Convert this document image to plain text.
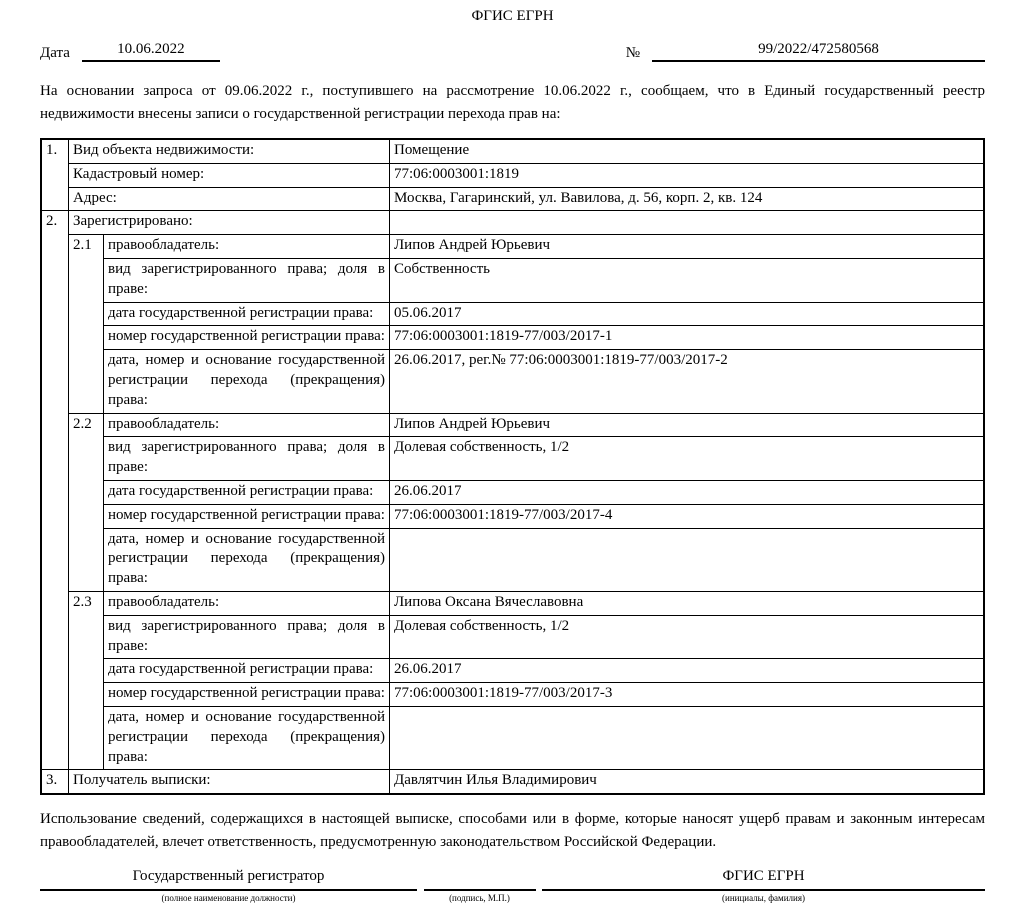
ФГИС ЕГРН
Дата	10.06.2022	№	99/2022/472580568
На основании запроса от 09.06.2022 г., поступившего на рассмотрение 10.06.2022 г., сообщаем, что в Единый государственный реестр недвижимости внесены записи о государственной регистрации перехода прав на:
1.	Вид объекта недвижимости:		Помещение
	Кадастровый номер:		77:06:0003001:1819
	Адрес:		Москва, Гагаринский, ул. Вавилова, д. 56, корп. 2, кв. 124
2.	Зарегистрировано:		
	2.1	правообладатель:	Липов Андрей Юрьевич
		вид зарегистрированного права; доля в праве:	Собственность
		дата государственной регистрации права:	05.06.2017
		номер государственной регистрации права:	77:06:0003001:1819-77/003/2017-1
		дата, номер и основание государственной регистрации перехода (прекращения) права:	26.06.2017, рег.№ 77:06:0003001:1819-77/003/2017-2
	2.2	правообладатель:	Липов Андрей Юрьевич
		вид зарегистрированного права; доля в праве:	Долевая собственность, 1/2
		дата государственной регистрации права:	26.06.2017
		номер государственной регистрации права:	77:06:0003001:1819-77/003/2017-4
		дата, номер и основание государственной регистрации перехода (прекращения) права:	
	2.3	правообладатель:	Липова Оксана Вячеславовна
		вид зарегистрированного права; доля в праве:	Долевая собственность, 1/2
		дата государственной регистрации права:	26.06.2017
		номер государственной регистрации права:	77:06:0003001:1819-77/003/2017-3
		дата, номер и основание государственной регистрации перехода (прекращения) права:	
3.	Получатель выписки:		Давлятчин Илья Владимирович
Использование сведений, содержащихся в настоящей выписке, способами или в форме, которые наносят ущерб правам и законным интересам правообладателей, влечет ответственность, предусмотренную законодательством Российской Федерации.
Государственный регистратор
(полное наименование должности)
	(подпись, М.П.)
ФГИС ЕГРН
(инициалы, фамилия)
